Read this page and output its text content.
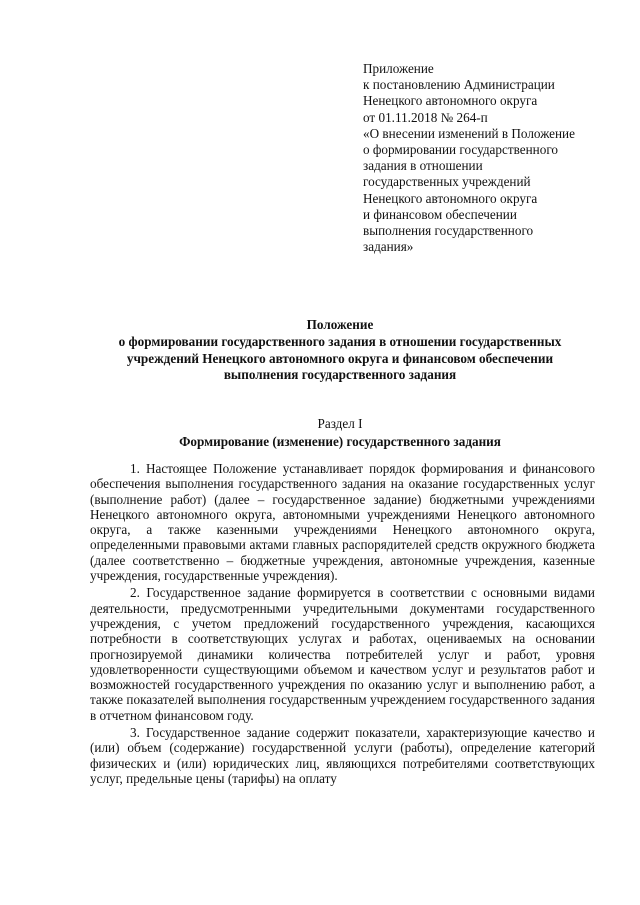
Приложение
к постановлению Администрации
Ненецкого автономного округа
от 01.11.2018 № 264-п
«О внесении изменений в Положение
о формировании государственного
задания в отношении
государственных учреждений
Ненецкого автономного округа
и финансовом обеспечении
выполнения государственного
задания»
Положение
о формировании государственного задания в отношении государственных
учреждений Ненецкого автономного округа и финансовом обеспечении
выполнения государственного задания
Раздел I
Формирование (изменение) государственного задания

1. Настоящее Положение устанавливает порядок формирования и финансового обеспечения выполнения государственного задания на оказание государственных услуг (выполнение работ) (далее – государственное задание) бюджетными учреждениями Ненецкого автономного округа, автономными учреждениями Ненецкого автономного округа, а также казенными учреждениями Ненецкого автономного округа, определенными правовыми актами главных распорядителей средств окружного бюджета (далее соответственно – бюджетные учреждения, автономные учреждения, казенные учреждения, государственные учреждения).

2. Государственное задание формируется в соответствии с основными видами деятельности, предусмотренными учредительными документами государственного учреждения, с учетом предложений государственного учреждения, касающихся потребности в соответствующих услугах и работах, оцениваемых на основании прогнозируемой динамики количества потребителей услуг и работ, уровня удовлетворенности существующими объемом и качеством услуг и результатов работ и возможностей государственного учреждения по оказанию услуг и выполнению работ, а также показателей выполнения государственным учреждением государственного задания в отчетном финансовом году.

3. Государственное задание содержит показатели, характеризующие качество и (или) объем (содержание) государственной услуги (работы), определение категорий физических и (или) юридических лиц, являющихся потребителями соответствующих услуг, предельные цены (тарифы) на оплату
